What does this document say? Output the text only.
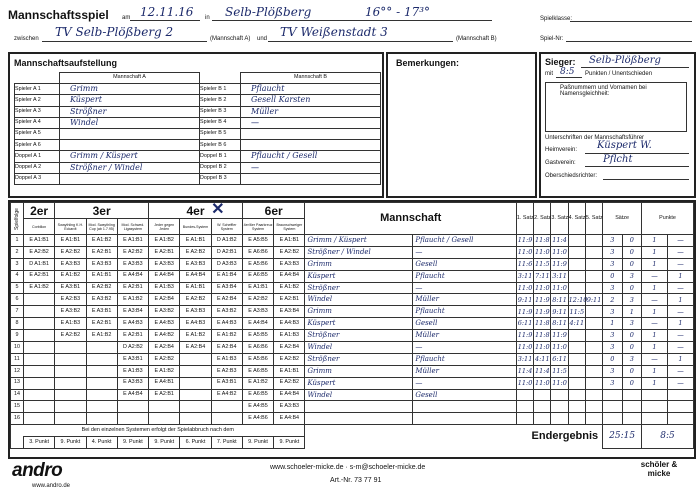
Mannschaftsspiel am 12.11.16 in Selb-Plößberg	16°° - 17³°	Spielklasse:
zwischen TV Selb-Plößberg 2	(Mannschaft A) und TV Weißenstadt 3	(Mannschaft B)	Spiel-Nr:
Mannschaftsaufstellung
	Mannschaft A		Mannschaft B
Spieler A 1	Grimm	Spieler B 1	Pflaucht
Spieler A 2	Küspert	Spieler B 2	Gesell Karsten
Spieler A 3	Strößner	Spieler B 3	Müller
Spieler A 4	Windel	Spieler B 4	—
Spieler A 5		Spieler B 5	
Spieler A 6		Spieler B 6	
Doppel A 1	Grimm / Küspert	Doppel B 1	Pflaucht / Gesell
Doppel A 2	Strößner / Windel	Doppel B 2	—
Doppel A 3		Doppel B 3	
Bemerkungen:	Sieger: Selb-Plößberg
mit 8:5 Punkten / Unentschieden
Paßnummern und Vornamen bei Namensgleichheit:
Unterschriften der Mannschaftsführer
Heimverein: Küspert W.
Gastverein:	Pflcht
Oberschiedsrichter:
Spielfolge	2er	3er			4er ✕			6er		Mannschaft		1. Satz	2. Satz	3. Satz	4. Satz	5. Satz	Sätze		Punkte	
	Corbillon	Swaythling K.H. Eckardt	Mod. Swaythling Cup (ab 1.7.95)	Mod. Schwed. Ligasystem	Jeder gegen Jeden	Bundes-System	W. Scheffler System	4er/6er Paarkreuz System	Braunschweiger System											
1	E A1:B1	E A1:B1	E A1:B2	E A1:B1	E A1:B2	E A1:B1	D A1:B2	E A5:B5	E A1:B1	Grimm / Küspert	Pflaucht / Gesell	11:9	11:8	11:4			3	0	1	—
2	E A2:B2	E A2:B2	E A2:B1	E A2:B2	E A2:B1	E A2:B2	D A2:B1	E A6:B6	E A2:B2	Strößner / Windel	—	11:0	11:0	11:0			3	0	1	—
3	D A1:B1	E A3:B3	E A3:B3	E A3:B3	E A3:B3	E A3:B3	D A3:B3	E A5:B6	E A3:B3	Grimm	Gesell	11:6	11:5	11:9			3	0	1	—
4	E A2:B1	E A1:B2	E A1:B1	E A4:B4	E A4:B4	E A4:B4	E A1:B4	E A6:B5	E A4:B4	Küspert	Pflaucht	3:11	7:11	3:11			0	3	—	1
5	E A1:B2	E A3:B1	E A2:B2	E A2:B1	E A1:B3	E A1:B1	E A3:B4	E A1:B1	E A1:B2	Strößner	—	11:0	11:0	11:0			3	0	1	—
6		E A2:B3	E A3:B2	E A1:B2	E A2:B4	E A2:B2	E A2:B4	E A2:B2	E A2:B1	Windel	Müller	9:11	11:9	8:11	12:10	9:11	2	3	—	1
7		E A3:B2	E A3:B1	E A3:B4	E A3:B2	E A3:B3	E A3:B2	E A3:B3	E A3:B4	Grimm	Pflaucht	11:9	11:9	9:11	11:5		3	1	1	—
8		E A1:B3	E A2:B1	E A4:B3	E A4:B3	E A4:B3	E A4:B3	E A4:B4	E A4:B3	Küspert	Gesell	6:11	11:8	8:11	4:11		1	3	—	1
9		E A2:B2	E A1:B2	E A2:B1	E A4:B2	E A1:B2	E A1:B2	E A5:B5	E A1:B3	Strößner	Müller	11:9	11:8	11:9			3	0	1	—
10				D A2:B2	E A2:B4	E A2:B4	E A2:B4	E A6:B6	E A2:B4	Windel	—	11:0	11:0	11:0			3	0	1	—
11				E A3:B1	E A2:B2		E A1:B3	E A5:B6	E A2:B2	Strößner	Pflaucht	3:11	4:11	6:11			0	3	—	1
12				E A1:B3	E A1:B2		E A2:B3	E A6:B5	E A1:B1	Grimm	Müller	11:4	11:4	11:5			3	0	1	—
13				E A3:B3	E A4:B1		E A3:B1	E A1:B2	E A2:B2	Küspert	—	11:0	11:0	11:0			3	0	1	—
14				E A4:B4	E A2:B1		E A4:B2	E A6:B5	E A4:B4	Windel	Gesell									
15								E A4:B5	E A3:B3											
16								E A4:B6	E A4:B4											
Bei den einzelnen Systemen erfolgt der Spielabbruch nach dem										Endergebnis							25:15		8:5	
	3. Punkt	9. Punkt	4. Punkt	9. Punkt	9. Punkt	6. Punkt	7. Punkt	9. Punkt	9. Punkt											
andro
www.andro.de
www.schoeler-micke.de · s-m@schoeler-micke.de
Art.-Nr. 73 77 91
schöler & micke
